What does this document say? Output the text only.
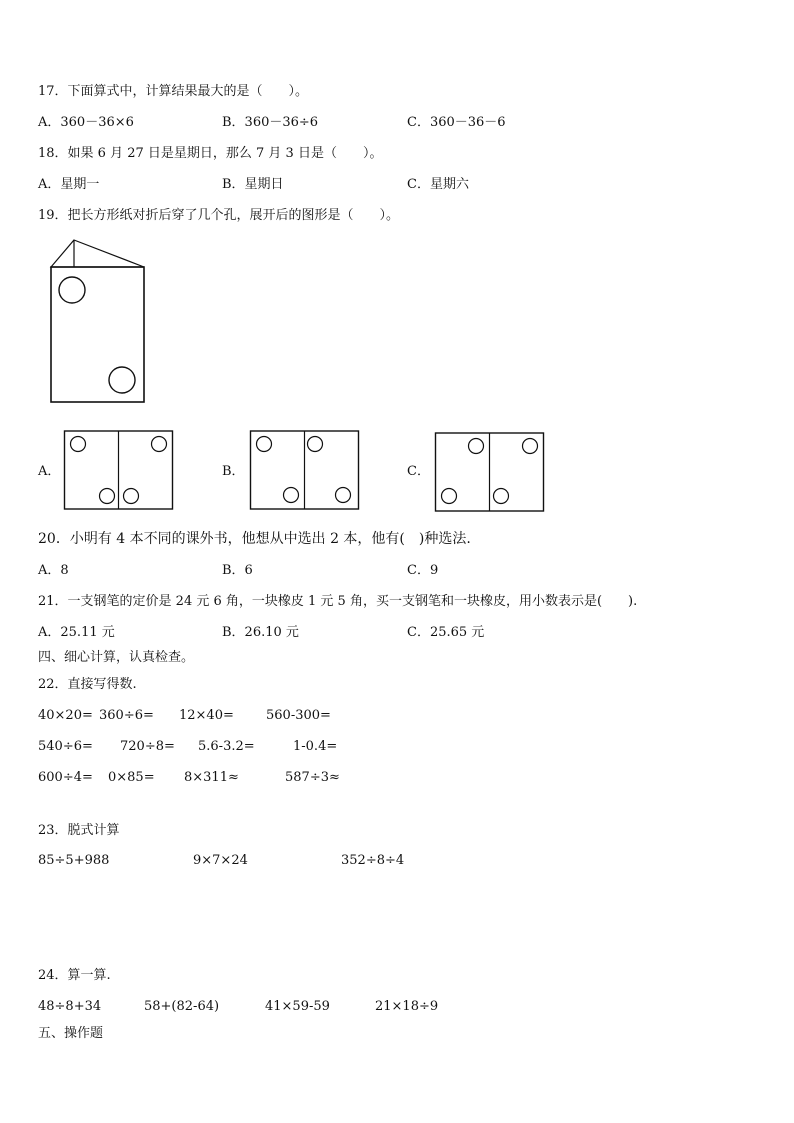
17．下面算式中，计算结果最大的是（　　）。
A．360－36×6	B．360－36÷6	C．360－36－6
18．如果 6 月 27 日是星期日，那么 7 月 3 日是（　　）。
A．星期一	B．星期日	C．星期六
19．把长方形纸对折后穿了几个孔，展开后的图形是（　　）。
A．	B．	C．
20．小明有 4 本不同的课外书，他想从中选出 2 本，他有(　)种选法.
A．8	B．6	C．9
21．一支钢笔的定价是 24 元 6 角，一块橡皮 1 元 5 角，买一支钢笔和一块橡皮，用小数表示是(　　).
A．25.11 元	B．26.10 元	C．25.65 元
四、细心计算，认真检查。
22．直接写得数.
40×20= 360÷6= 12×40= 560-300=
540÷6= 720÷8= 5.6-3.2=	1-0.4=
600÷4= 0×85= 8×311≈	587÷3≈
23．脱式计算
85÷5+988	9×7×24	352÷8÷4
24．算一算.
48÷8+34	58+(82-64)	41×59-59	21×18÷9
五、操作题
